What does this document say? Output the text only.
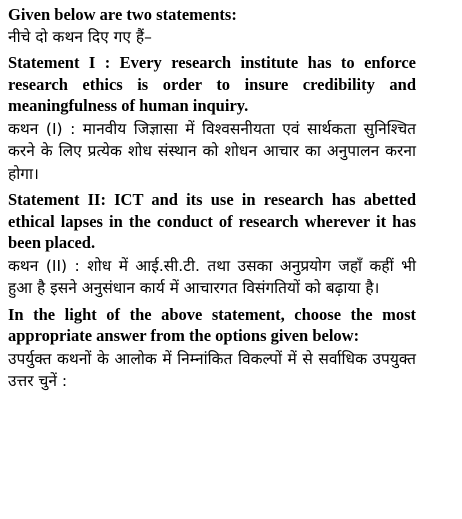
Given below are two statements:

नीचे दो कथन दिए गए हैं–

Statement I : Every research institute has to enforce research ethics is order to insure credibility and meaningfulness of human inquiry.

कथन (I) : मानवीय जिज्ञासा में विश्वसनीयता एवं सार्थकता सुनिश्चित करने के लिए प्रत्येक शोध संस्थान को शोधन आचार का अनुपालन करना होगा।

Statement II: ICT and its use in research has abetted ethical lapses in the conduct of research wherever it has been placed.

कथन (II) : शोध में आई.सी.टी. तथा उसका अनुप्रयोग जहाँ कहीं भी हुआ है इसने अनुसंधान कार्य में आचारगत विसंगतियों को बढ़ाया है।

In the light of the above statement, choose the most appropriate answer from the options given below:

उपर्युक्त कथनों के आलोक में निम्नांकित विकल्पों में से सर्वाधिक उपयुक्त उत्तर चुनें :
